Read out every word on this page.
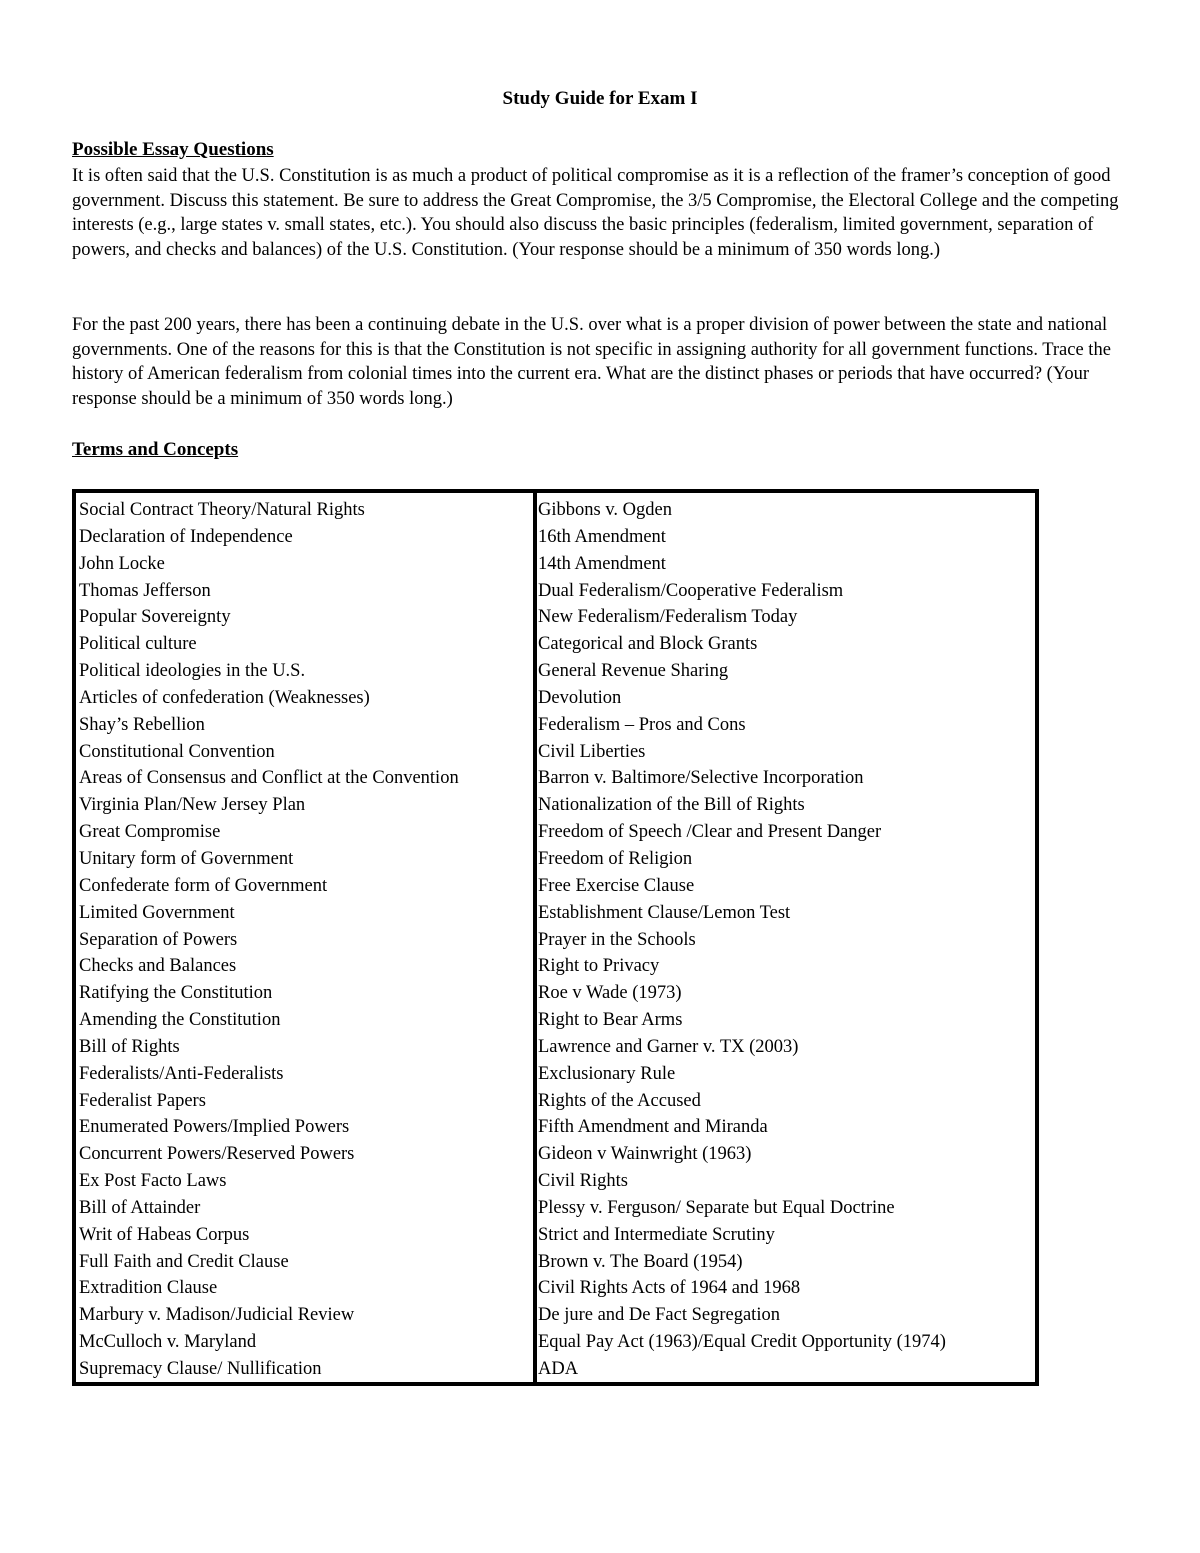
Study Guide for Exam I
Possible Essay Questions
It is often said that the U.S. Constitution is as much a product of political compromise as it is a reflection of the framer’s conception of good government. Discuss this statement. Be sure to address the Great Compromise, the 3/5 Compromise, the Electoral College and the competing interests (e.g., large states v. small states, etc.). You should also discuss the basic principles (federalism, limited government, separation of powers, and checks and balances) of the U.S. Constitution. (Your response should be a minimum of 350 words long.)
For the past 200 years, there has been a continuing debate in the U.S. over what is a proper division of power between the state and national governments. One of the reasons for this is that the Constitution is not specific in assigning authority for all government functions. Trace the history of American federalism from colonial times into the current era. What are the distinct phases or periods that have occurred? (Your response should be a minimum of 350 words long.)
Terms and Concepts
Social Contract Theory/Natural Rights
Declaration of Independence
John Locke
Thomas Jefferson
Popular Sovereignty
Political culture
Political ideologies in the U.S.
Articles of confederation (Weaknesses)
Shay’s Rebellion
Constitutional Convention
Areas of Consensus and Conflict at the Convention
Virginia Plan/New Jersey Plan
Great Compromise
Unitary form of Government
Confederate form of Government
Limited Government
Separation of Powers
Checks and Balances
Ratifying the Constitution
Amending the Constitution
Bill of Rights
Federalists/Anti-Federalists
Federalist Papers
Enumerated Powers/Implied Powers
Concurrent Powers/Reserved Powers
Ex Post Facto Laws
Bill of Attainder
Writ of Habeas Corpus
Full Faith and Credit Clause
Extradition Clause
Marbury v. Madison/Judicial Review
McCulloch v. Maryland
Supremacy Clause/ Nullification
Gibbons v. Ogden
16th Amendment
14th Amendment
Dual Federalism/Cooperative Federalism
New Federalism/Federalism Today
Categorical and Block Grants
General Revenue Sharing
Devolution
Federalism – Pros and Cons
Civil Liberties
Barron v. Baltimore/Selective Incorporation
Nationalization of the Bill of Rights
Freedom of Speech /Clear and Present Danger
Freedom of Religion
Free Exercise Clause
Establishment Clause/Lemon Test
Prayer in the Schools
Right to Privacy
Roe v Wade (1973)
Right to Bear Arms
Lawrence and Garner v. TX (2003)
Exclusionary Rule
Rights of the Accused
Fifth Amendment and Miranda
Gideon v Wainwright (1963)
Civil Rights
Plessy v. Ferguson/ Separate but Equal Doctrine
Strict and Intermediate Scrutiny
Brown v. The Board (1954)
Civil Rights Acts of 1964 and 1968
De jure and De Fact Segregation
Equal Pay Act (1963)/Equal Credit Opportunity (1974)
ADA
